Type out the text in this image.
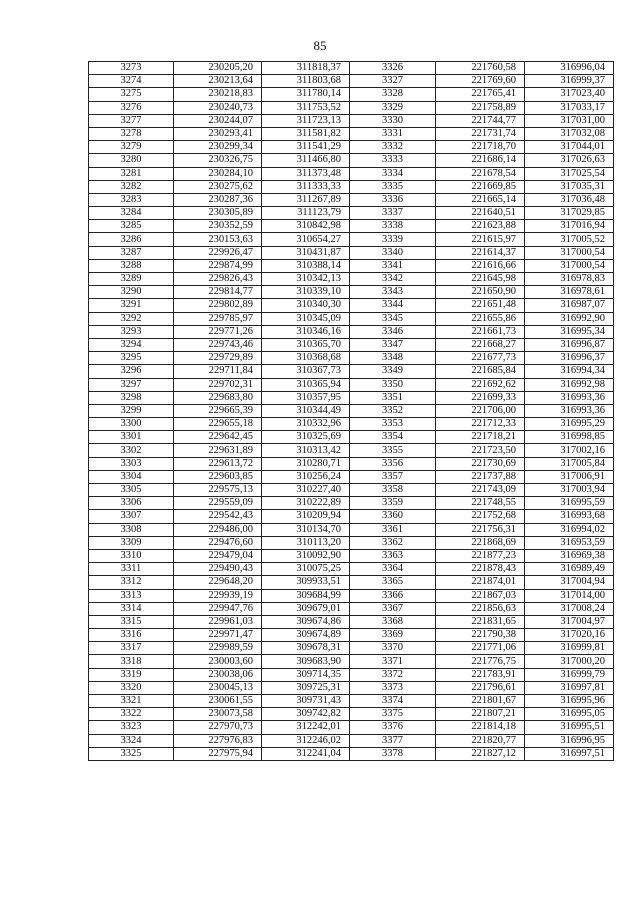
85
3273	230205,20	311818,37	3326	221760,58	316996,04
3274	230213,64	311803,68	3327	221769,60	316999,37
3275	230218,83	311780,14	3328	221765,41	317023,40
3276	230240,73	311753,52	3329	221758,89	317033,17
3277	230244,07	311723,13	3330	221744,77	317031,00
3278	230293,41	311581,82	3331	221731,74	317032,08
3279	230299,34	311541,29	3332	221718,70	317044,01
3280	230326,75	311466,80	3333	221686,14	317026,63
3281	230284,10	311373,48	3334	221678,54	317025,54
3282	230275,62	311333,33	3335	221669,85	317035,31
3283	230287,36	311267,89	3336	221665,14	317036,48
3284	230305,89	311123,79	3337	221640,51	317029,85
3285	230352,59	310842,98	3338	221623,88	317016,94
3286	230153,63	310654,27	3339	221615,97	317005,52
3287	229926,47	310431,87	3340	221614,37	317000,54
3288	229874,99	310388,14	3341	221616,66	317000,54
3289	229826,43	310342,13	3342	221645,98	316978,83
3290	229814,77	310339,10	3343	221650,90	316978,61
3291	229802,89	310340,30	3344	221651,48	316987,07
3292	229785,97	310345,09	3345	221655,86	316992,90
3293	229771,26	310346,16	3346	221661,73	316995,34
3294	229743,46	310365,70	3347	221668,27	316996,87
3295	229729,89	310368,68	3348	221677,73	316996,37
3296	229711,84	310367,73	3349	221685,84	316994,34
3297	229702,31	310365,94	3350	221692,62	316992,98
3298	229683,80	310357,95	3351	221699,33	316993,36
3299	229665,39	310344,49	3352	221706,00	316993,36
3300	229655,18	310332,96	3353	221712,33	316995,29
3301	229642,45	310325,69	3354	221718,21	316998,85
3302	229631,89	310313,42	3355	221723,50	317002,16
3303	229613,72	310280,71	3356	221730,69	317005,84
3304	229603,85	310256,24	3357	221737,88	317006,91
3305	229575,13	310227,40	3358	221743,09	317003,94
3306	229559,09	310222,89	3359	221748,55	316995,59
3307	229542,43	310209,94	3360	221752,68	316993,68
3308	229486,00	310134,70	3361	221756,31	316994,02
3309	229476,60	310113,20	3362	221868,69	316953,59
3310	229479,04	310092,90	3363	221877,23	316969,38
3311	229490,43	310075,25	3364	221878,43	316989,49
3312	229648,20	309933,51	3365	221874,01	317004,94
3313	229939,19	309684,99	3366	221867,03	317014,00
3314	229947,76	309679,01	3367	221856,63	317008,24
3315	229961,03	309674,86	3368	221831,65	317004,97
3316	229971,47	309674,89	3369	221790,38	317020,16
3317	229989,59	309678,31	3370	221771,06	316999,81
3318	230003,60	309683,90	3371	221776,75	317000,20
3319	230038,06	309714,35	3372	221783,91	316999,79
3320	230045,13	309725,31	3373	221796,61	316997,81
3321	230061,55	309731,43	3374	221801,67	316995,96
3322	230073,58	309742,82	3375	221807,21	316995,05
3323	227970,73	312242,01	3376	221814,18	316995,51
3324	227976,83	312246,02	3377	221820,77	316996,95
3325	227975,94	312241,04	3378	221827,12	316997,51
